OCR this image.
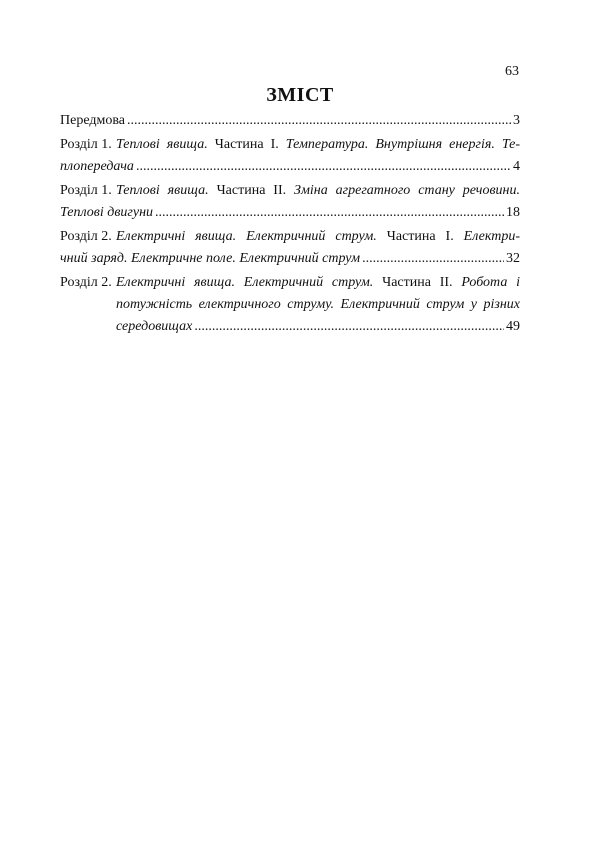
63
ЗМІСТ
Передмова .....	3
Розділ 1. Теплові явища. Частина І. Температура. Внутрішня енергія. Те-
плопередача .....	4
Розділ 1. Теплові явища. Частина ІІ. Зміна агрегатного стану речовини.
Теплові двигуни .....	18
Розділ 2. Електричні явища. Електричний струм. Частина І. Електри-
чний заряд. Електричне поле. Електричний струм .....	32
Розділ 2. Електричні явища. Електричний струм. Частина ІІ. Робота і
потужність електричного струму. Електричний струм у різних
середовищах .....	49
